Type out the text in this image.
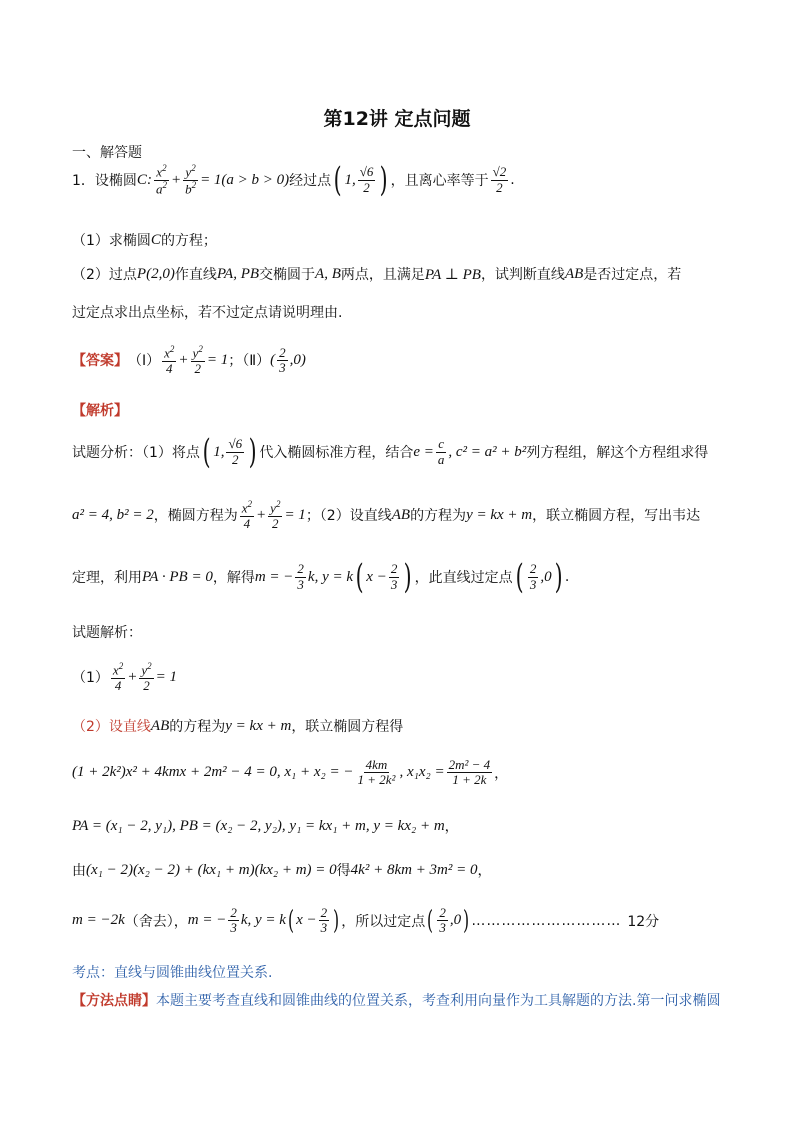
第12讲 定点问题
一、解答题
1．设椭圆 C : $\frac{x^2}{a^2} + \frac{y^2}{b^2} = 1(a > b > 0)$ 经过点 ( 1, $\frac{√6}{2}$ ) ，且离心率等于 $\frac{√2}{2}$ .
（1）求椭圆 C 的方程；
（2）过点 P(2,0) 作直线 PA, PB 交椭圆于 A, B 两点，且满足 PA ⊥ PB ，试判断直线 AB 是否过定点，若
过定点求出点坐标，若不过定点请说明理由.
【答案】 （Ⅰ） $\frac{x^2}{4} + \frac{y^2}{2} = 1$ ；（Ⅱ） ( $\frac{2}{3} ,0$)
【解析】
试题分析：（1）将点 ( 1, $\frac{√6}{2}$ ) 代入椭圆标准方程，结合 $e = \frac{c}{a}$ , c² = a² + b² 列方程组，解这个方程组求得
a² = 4, b² = 2 ，椭圆方程为 $\frac{x^2}{4} + \frac{y^2}{2} = 1$ ；（2）设直线 AB 的方程为 y = kx + m ，联立椭圆方程，写出韦达
定理，利用 PA · PB = 0 ，解得 m = − $\frac{2}{3} k$, y = k ( $x - \frac{2}{3}$ ) ，此直线过定点 ( $\frac{2}{3}$ , 0 ) .
试题解析：
$(1) \frac{x^2}{4} + \frac{y^2}{2} = 1$
（2）设直线 AB 的方程为 y = kx + m ，联立椭圆方程得
(1 + 2k²)x² + 4kmx + 2m² − 4 = 0, x₁ + x₂ = − $\frac{4km}{\text{1 + 2k²}}$ , $x_1x_2 = \frac{\text{2m² − 4}}{1 + 2k}$ ，
PA = (x₁ − 2, y₁), PB = (x₂ − 2, y₂), y₁ = kx₁ + m, y = kx₂ + m ，
由 (x₁ − 2)(x₂ − 2) + (kx₁ + m)(kx₂ + m) = 0 得 4k² + 8km + 3m² = 0 ，
m = −2k （舍去）， m = − $\frac{2}{3} k$, y = k ( $x - \frac{2}{3}$ ) ，所以过定点 ( $\frac{2}{3}$ , 0 ) ………………………… 12分
考点：直线与圆锥曲线位置关系.
【方法点睛】 本题主要考查直线和圆锥曲线的位置关系，考查利用向量作为工具解题的方法.第一问求椭圆
